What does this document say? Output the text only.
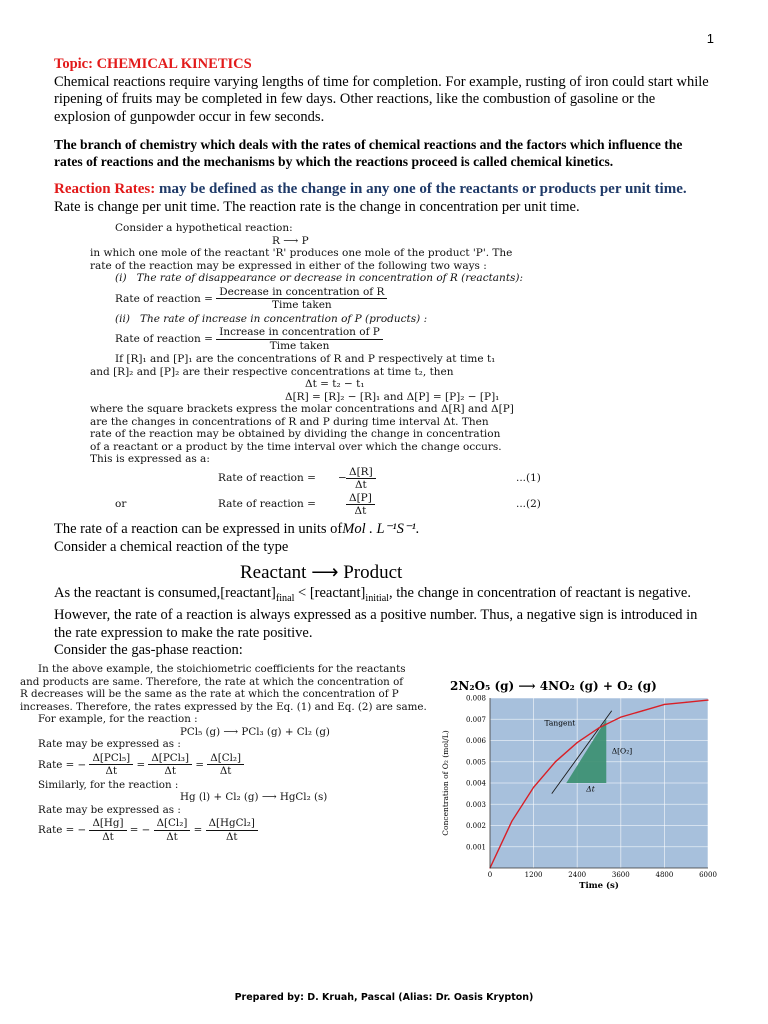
1
Topic: CHEMICAL KINETICS
Chemical reactions require varying lengths of time for completion. For example, rusting of iron could start while ripening of fruits may be completed in few days. Other reactions, like the combustion of gasoline or the explosion of gunpowder occur in few seconds.
The branch of chemistry which deals with the rates of chemical reactions and the factors which influence the rates of reactions and the mechanisms by which the reactions proceed is called chemical kinetics.
Reaction Rates: may be defined as the change in any one of the reactants or products per unit time.
Rate is change per unit time. The reaction rate is the change in concentration per unit time.
Consider a hypothetical reaction:
R ⟶ P
in which one mole of the reactant 'R' produces one mole of the product 'P'. The
rate of the reaction may be expressed in either of the following two ways :
(i) The rate of disappearance or decrease in concentration of R (reactants):
Rate of reaction = $\frac{\text{Decrease in concentration of R}}{\text{Time taken}}$
(ii) The rate of increase in concentration of P (products) :
Rate of reaction = $\frac{\text{Increase in concentration of P}}{\text{Time taken}}$
If [R]₁ and [P]₁ are the concentrations of R and P respectively at time t₁
and [R]₂ and [P]₂ are their respective concentrations at time t₂, then
Δt = t₂ − t₁
Δ[R] = [R]₂ − [R]₁ and Δ[P] = [P]₂ − [P]₁
where the square brackets express the molar concentrations and Δ[R] and Δ[P]
are the changes in concentrations of R and P during time interval Δt. Then
rate of the reaction may be obtained by dividing the change in concentration
of a reactant or a product by the time interval over which the change occurs.
This is expressed as a:
Rate of reaction = − $\frac{\Delta[R]}{\Delta t}$	...(1)
or	Rate of reaction =	$\frac{\Delta[P]}{\Delta t}$	...(2)
The rate of a reaction can be expressed in units ofMol . L⁻¹S⁻¹.
Consider a chemical reaction of the type
Reactant ⟶ Product
As the reactant is $consumed,[reactant]_{final}$ < $[reactant]_{initial}$, the change in concentration of reactant is negative. However, the rate of a reaction is always expressed as a positive number. Thus, a negative sign is introduced in the rate expression to make the rate positive.
Consider the gas-phase reaction:
In the above example, the stoichiometric coefficients for the reactants
and products are same. Therefore, the rate at which the concentration of
R decreases will be the same as the rate at which the concentration of P
increases. Therefore, the rates expressed by the Eq. (1) and Eq. (2) are same.
For example, for the reaction :
PCl₅ (g) ⟶ PCl₃ (g) + Cl₂ (g)
Rate may be expressed as :
Rate = − $\frac{\text{Δ[PCl₅]}}{\Delta t} = \frac{\text{Δ[PCl₃]}}{\Delta t} = \frac{\text{Δ[Cl₂]}}{\Delta t}$
Similarly, for the reaction :
Hg (l) + Cl₂ (g) ⟶ HgCl₂ (s)
Rate may be expressed as :
Rate = − $\frac{\Delta[Hg]}{\Delta t}$ = − $\frac{\text{Δ[Cl₂]}}{\Delta t} = \frac{\text{Δ[HgCl₂]}}{\Delta t}$
2N₂O₅ (g) ⟶ 4NO₂ (g) + O₂ (g)
0	1200	2400	3600	4800	6000
0.001
0.002
0.003
0.004
0.005
0.006
0.007
0.008
Time (s)
Concentration of O₂ (mol/L)
Tangent
Δ[O₂]
Δt
Prepared by: D. Kruah, Pascal (Alias: Dr. Oasis Krypton)
